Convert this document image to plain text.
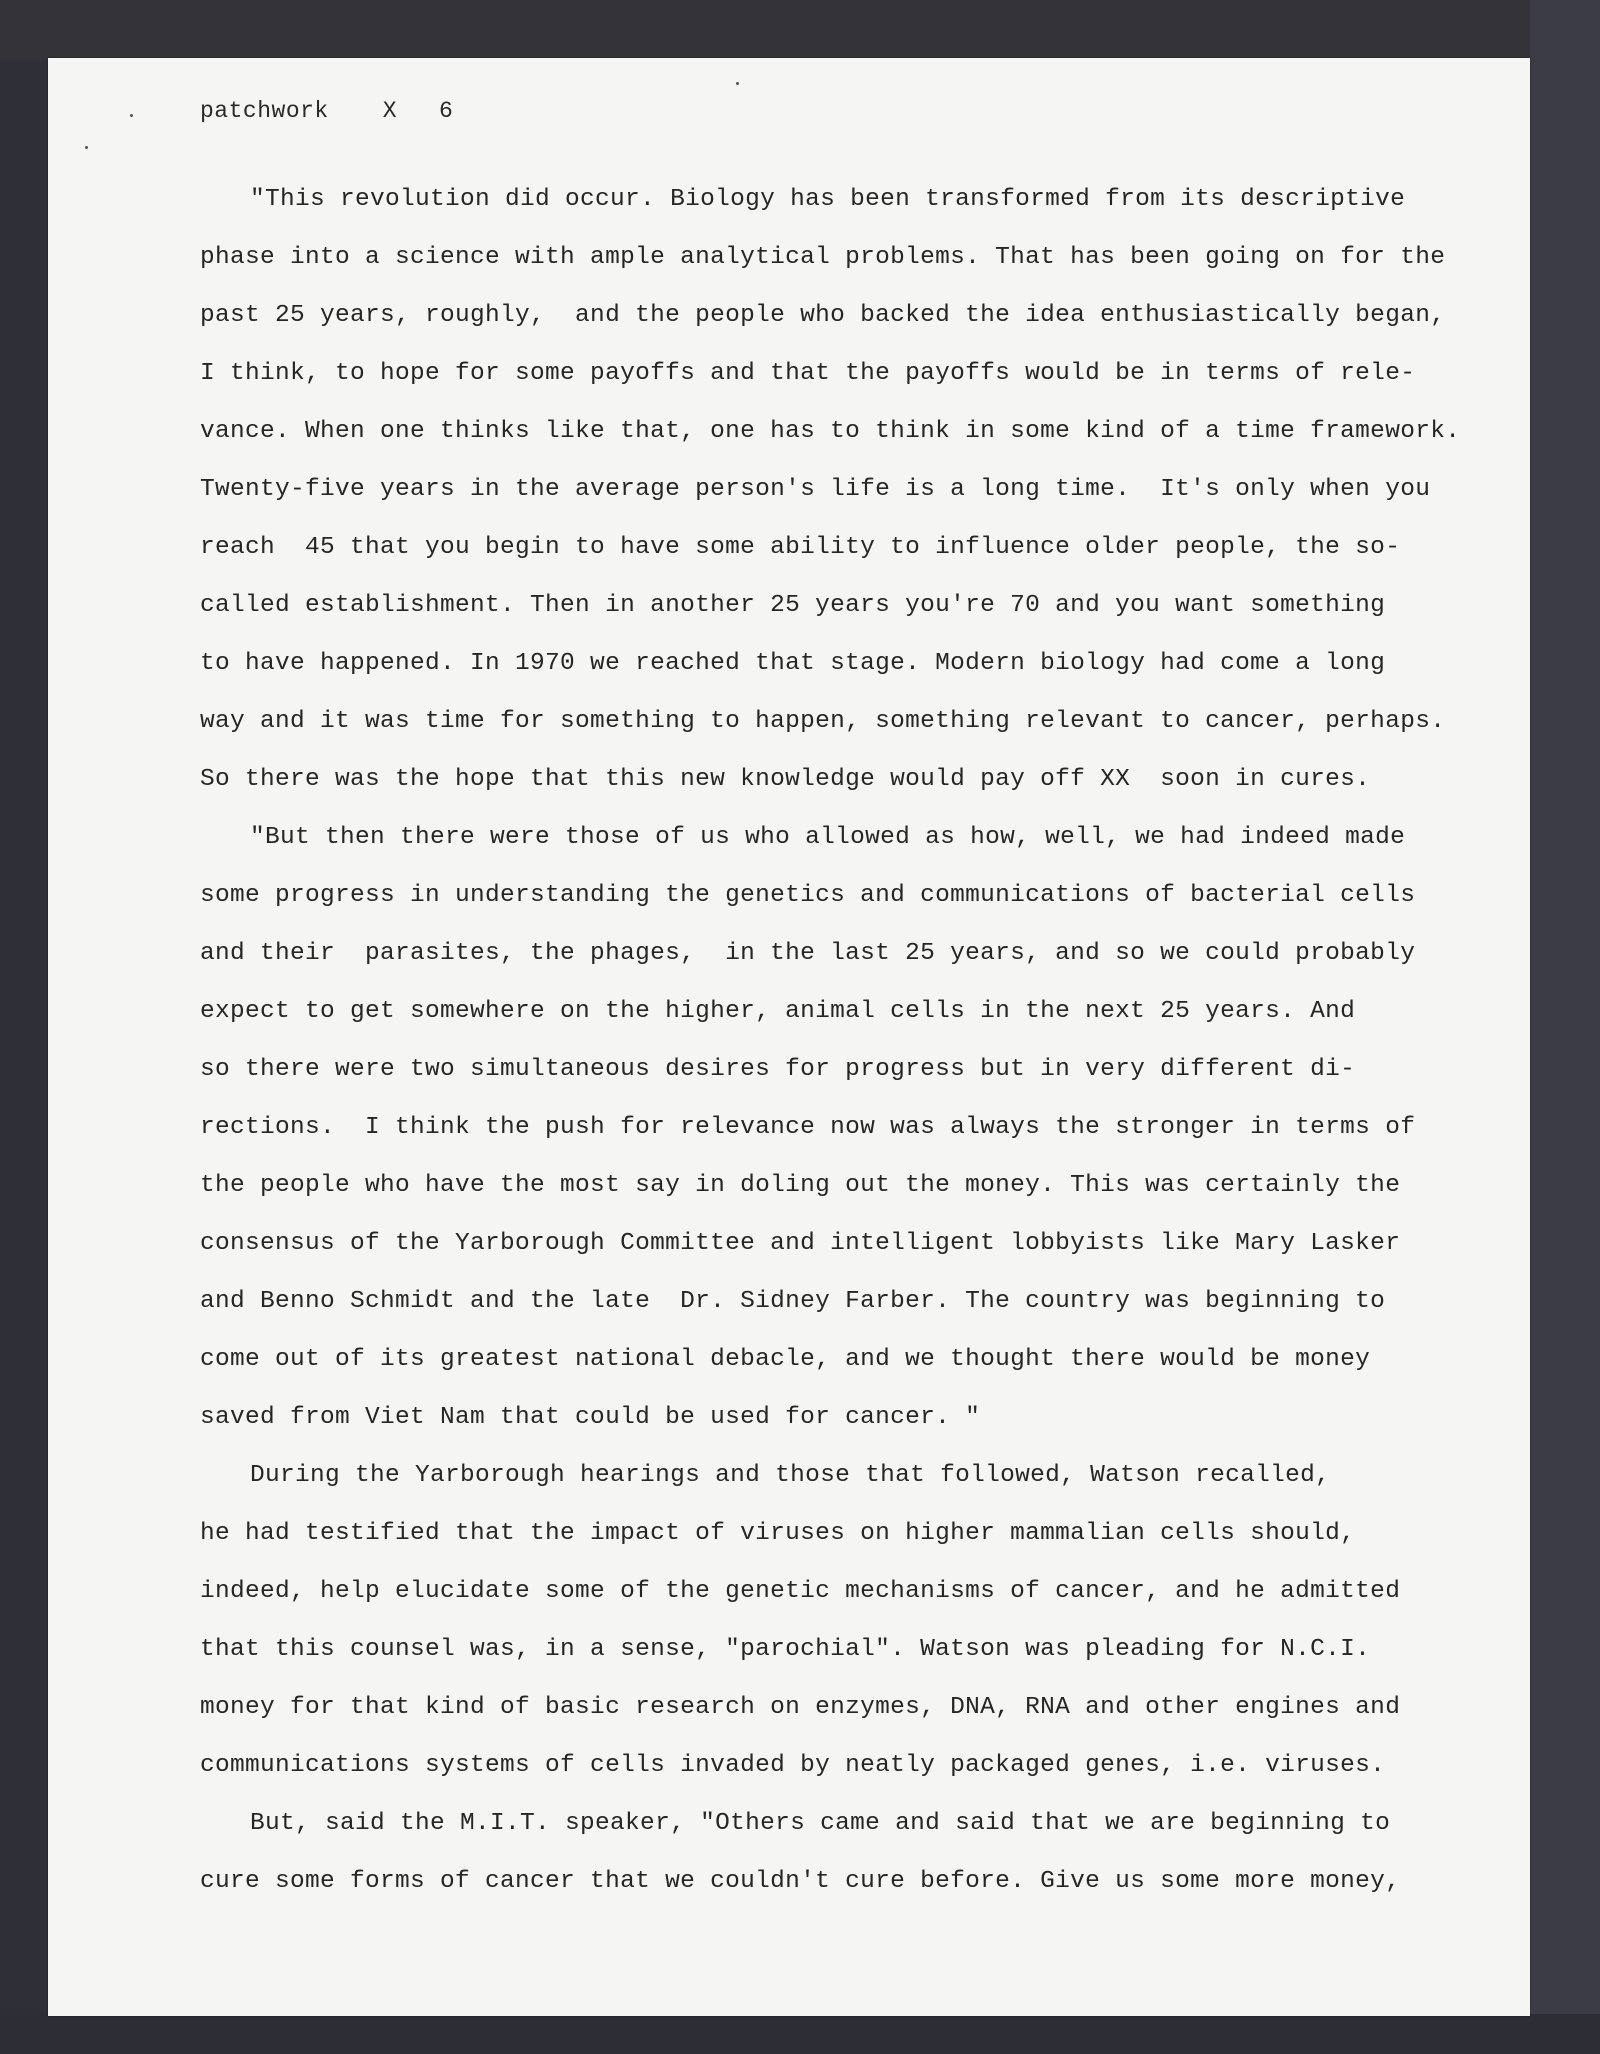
patchwork X 6
"This revolution did occur. Biology has been transformed from its descriptive
phase into a science with ample analytical problems. That has been going on for the
past 25 years, roughly,  and the people who backed the idea enthusiastically began,
I think, to hope for some payoffs and that the payoffs would be in terms of rele-
vance. When one thinks like that, one has to think in some kind of a time framework.
Twenty-five years in the average person's life is a long time.  It's only when you
reach  45 that you begin to have some ability to influence older people, the so-
called establishment. Then in another 25 years you're 70 and you want something
to have happened. In 1970 we reached that stage. Modern biology had come a long
way and it was time for something to happen, something relevant to cancer, perhaps.
So there was the hope that this new knowledge would pay off XX  soon in cures.
"But then there were those of us who allowed as how, well, we had indeed made
some progress in understanding the genetics and communications of bacterial cells
and their  parasites, the phages,  in the last 25 years, and so we could probably
expect to get somewhere on the higher, animal cells in the next 25 years. And
so there were two simultaneous desires for progress but in very different di-
rections.  I think the push for relevance now was always the stronger in terms of
the people who have the most say in doling out the money. This was certainly the
consensus of the Yarborough Committee and intelligent lobbyists like Mary Lasker
and Benno Schmidt and the late  Dr. Sidney Farber. The country was beginning to
come out of its greatest national debacle, and we thought there would be money
saved from Viet Nam that could be used for cancer. "
During the Yarborough hearings and those that followed, Watson recalled,
he had testified that the impact of viruses on higher mammalian cells should,
indeed, help elucidate some of the genetic mechanisms of cancer, and he admitted
that this counsel was, in a sense, "parochial". Watson was pleading for N.C.I.
money for that kind of basic research on enzymes, DNA, RNA and other engines and
communications systems of cells invaded by neatly packaged genes, i.e. viruses.
But, said the M.I.T. speaker, "Others came and said that we are beginning to
cure some forms of cancer that we couldn't cure before. Give us some more money,
